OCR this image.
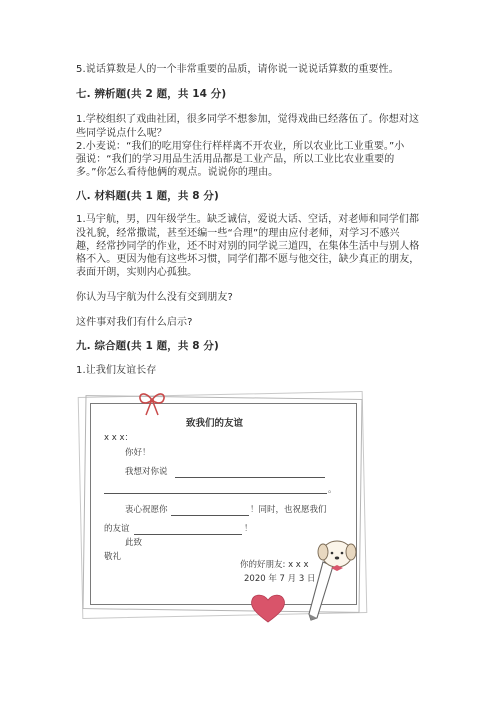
5.说话算数是人的一个非常重要的品质，请你说一说说话算数的重要性。

七. 辨析题(共 2 题，共 14 分)

1.学校组织了戏曲社团，很多同学不想参加，觉得戏曲已经落伍了。你想对这

些同学说点什么呢？

2.小麦说：“我们的吃用穿住行样样离不开农业，所以农业比工业重要。”小

强说：“我们的学习用品生活用品都是工业产品，所以工业比农业重要的

多。”你怎么看待他俩的观点。说说你的理由。

八. 材料题(共 1 题，共 8 分)

1.马宇航，男，四年级学生。缺乏诚信，爱说大话、空话，对老师和同学们都

没礼貌，经常撒谎，甚至还编一些“合理”的理由应付老师，对学习不感兴

趣，经常抄同学的作业，还不时对别的同学说三道四，在集体生活中与别人格

格不入。更因为他有这些坏习惯，同学们都不愿与他交往，缺少真正的朋友，

表面开朗，实则内心孤独。

你认为马宇航为什么没有交到朋友?

这件事对我们有什么启示?

九. 综合题(共 1 题，共 8 分)

1.让我们友谊长存

致我们的友谊
x x x：
你好！
我想对你说
。
衷心祝愿你	！同时，也祝愿我们
的友谊	！
此致
敬礼
你的好朋友: x x x
2020 年 7 月 3 日
